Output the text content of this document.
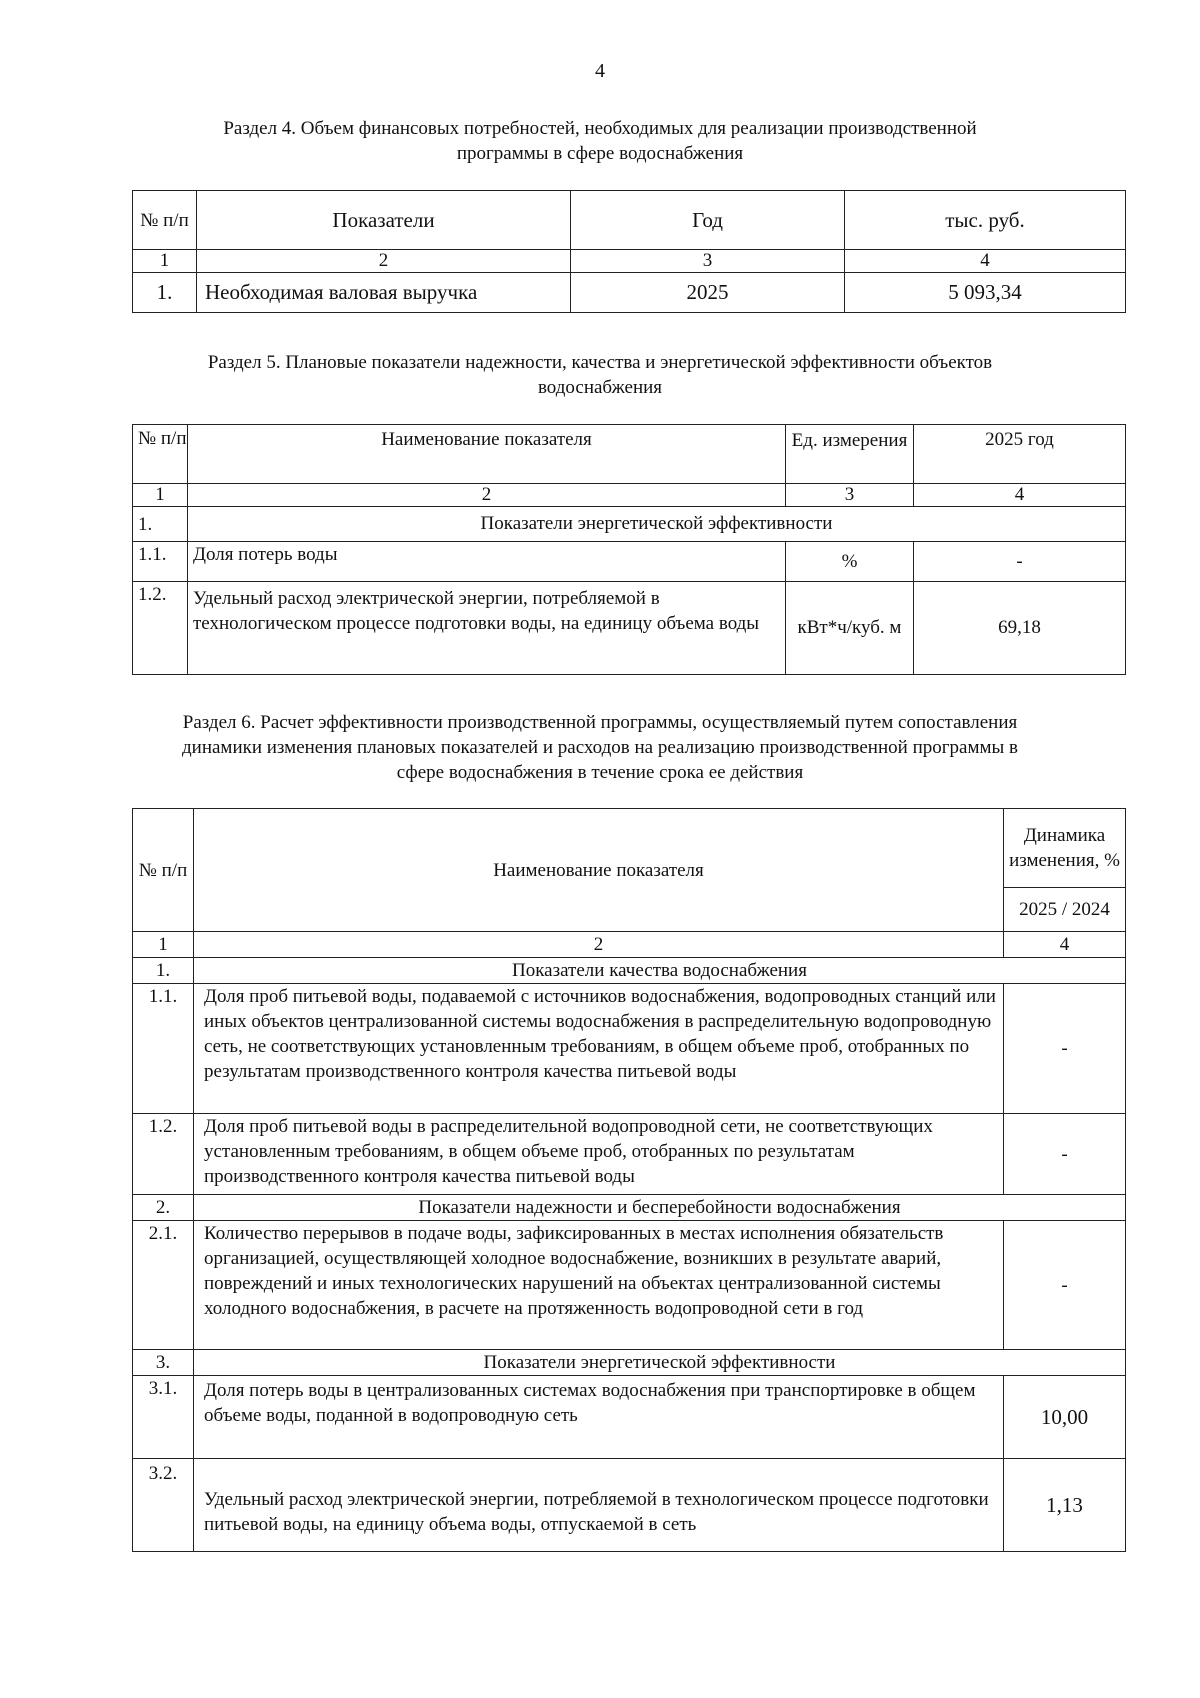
4
Раздел 4. Объем финансовых потребностей, необходимых для реализации производственной
программы в сфере водоснабжения
№ п/п	Показатели	Год	тыс. руб.
1	2	3	4
1.	Необходимая валовая выручка	2025	5 093,34
Раздел 5. Плановые показатели надежности, качества и энергетической эффективности объектов
водоснабжения
№ п/п	Наименование показателя	Ед. измерения	2025 год
1	2	3	4
1.	Показатели энергетической эффективности		
1.1.	Доля потерь воды	%	-
1.2.	Удельный расход электрической энергии, потребляемой в технологическом процессе подготовки воды, на единицу объема воды	кВт*ч/куб. м	69,18
Раздел 6. Расчет эффективности производственной программы, осуществляемый путем сопоставления
динамики изменения плановых показателей и расходов на реализацию производственной программы в
сфере водоснабжения в течение срока ее действия
№ п/п	Наименование показателя	Динамика изменения, %
		2025 / 2024
1	2	4
1.	Показатели качества водоснабжения	
1.1.	Доля проб питьевой воды, подаваемой с источников водоснабжения, водопроводных станций или иных объектов централизованной системы водоснабжения в распределительную водопроводную сеть, не соответствующих установленным требованиям, в общем объеме проб, отобранных по результатам производственного контроля качества питьевой воды	-
1.2.	Доля проб питьевой воды в распределительной водопроводной сети, не соответствующих установленным требованиям, в общем объеме проб, отобранных по результатам производственного контроля качества питьевой воды	-
2.	Показатели надежности и бесперебойности водоснабжения	
2.1.	Количество перерывов в подаче воды, зафиксированных в местах исполнения обязательств организацией, осуществляющей холодное водоснабжение, возникших в результате аварий, повреждений и иных технологических нарушений на объектах централизованной системы холодного водоснабжения, в расчете на протяженность водопроводной сети в год	-
3.	Показатели энергетической эффективности	
3.1.	Доля потерь воды в централизованных системах водоснабжения при транспортировке в общем объеме воды, поданной в водопроводную сеть	10,00
3.2.	Удельный расход электрической энергии, потребляемой в технологическом процессе подготовки питьевой воды, на единицу объема воды, отпускаемой в сеть	1,13
